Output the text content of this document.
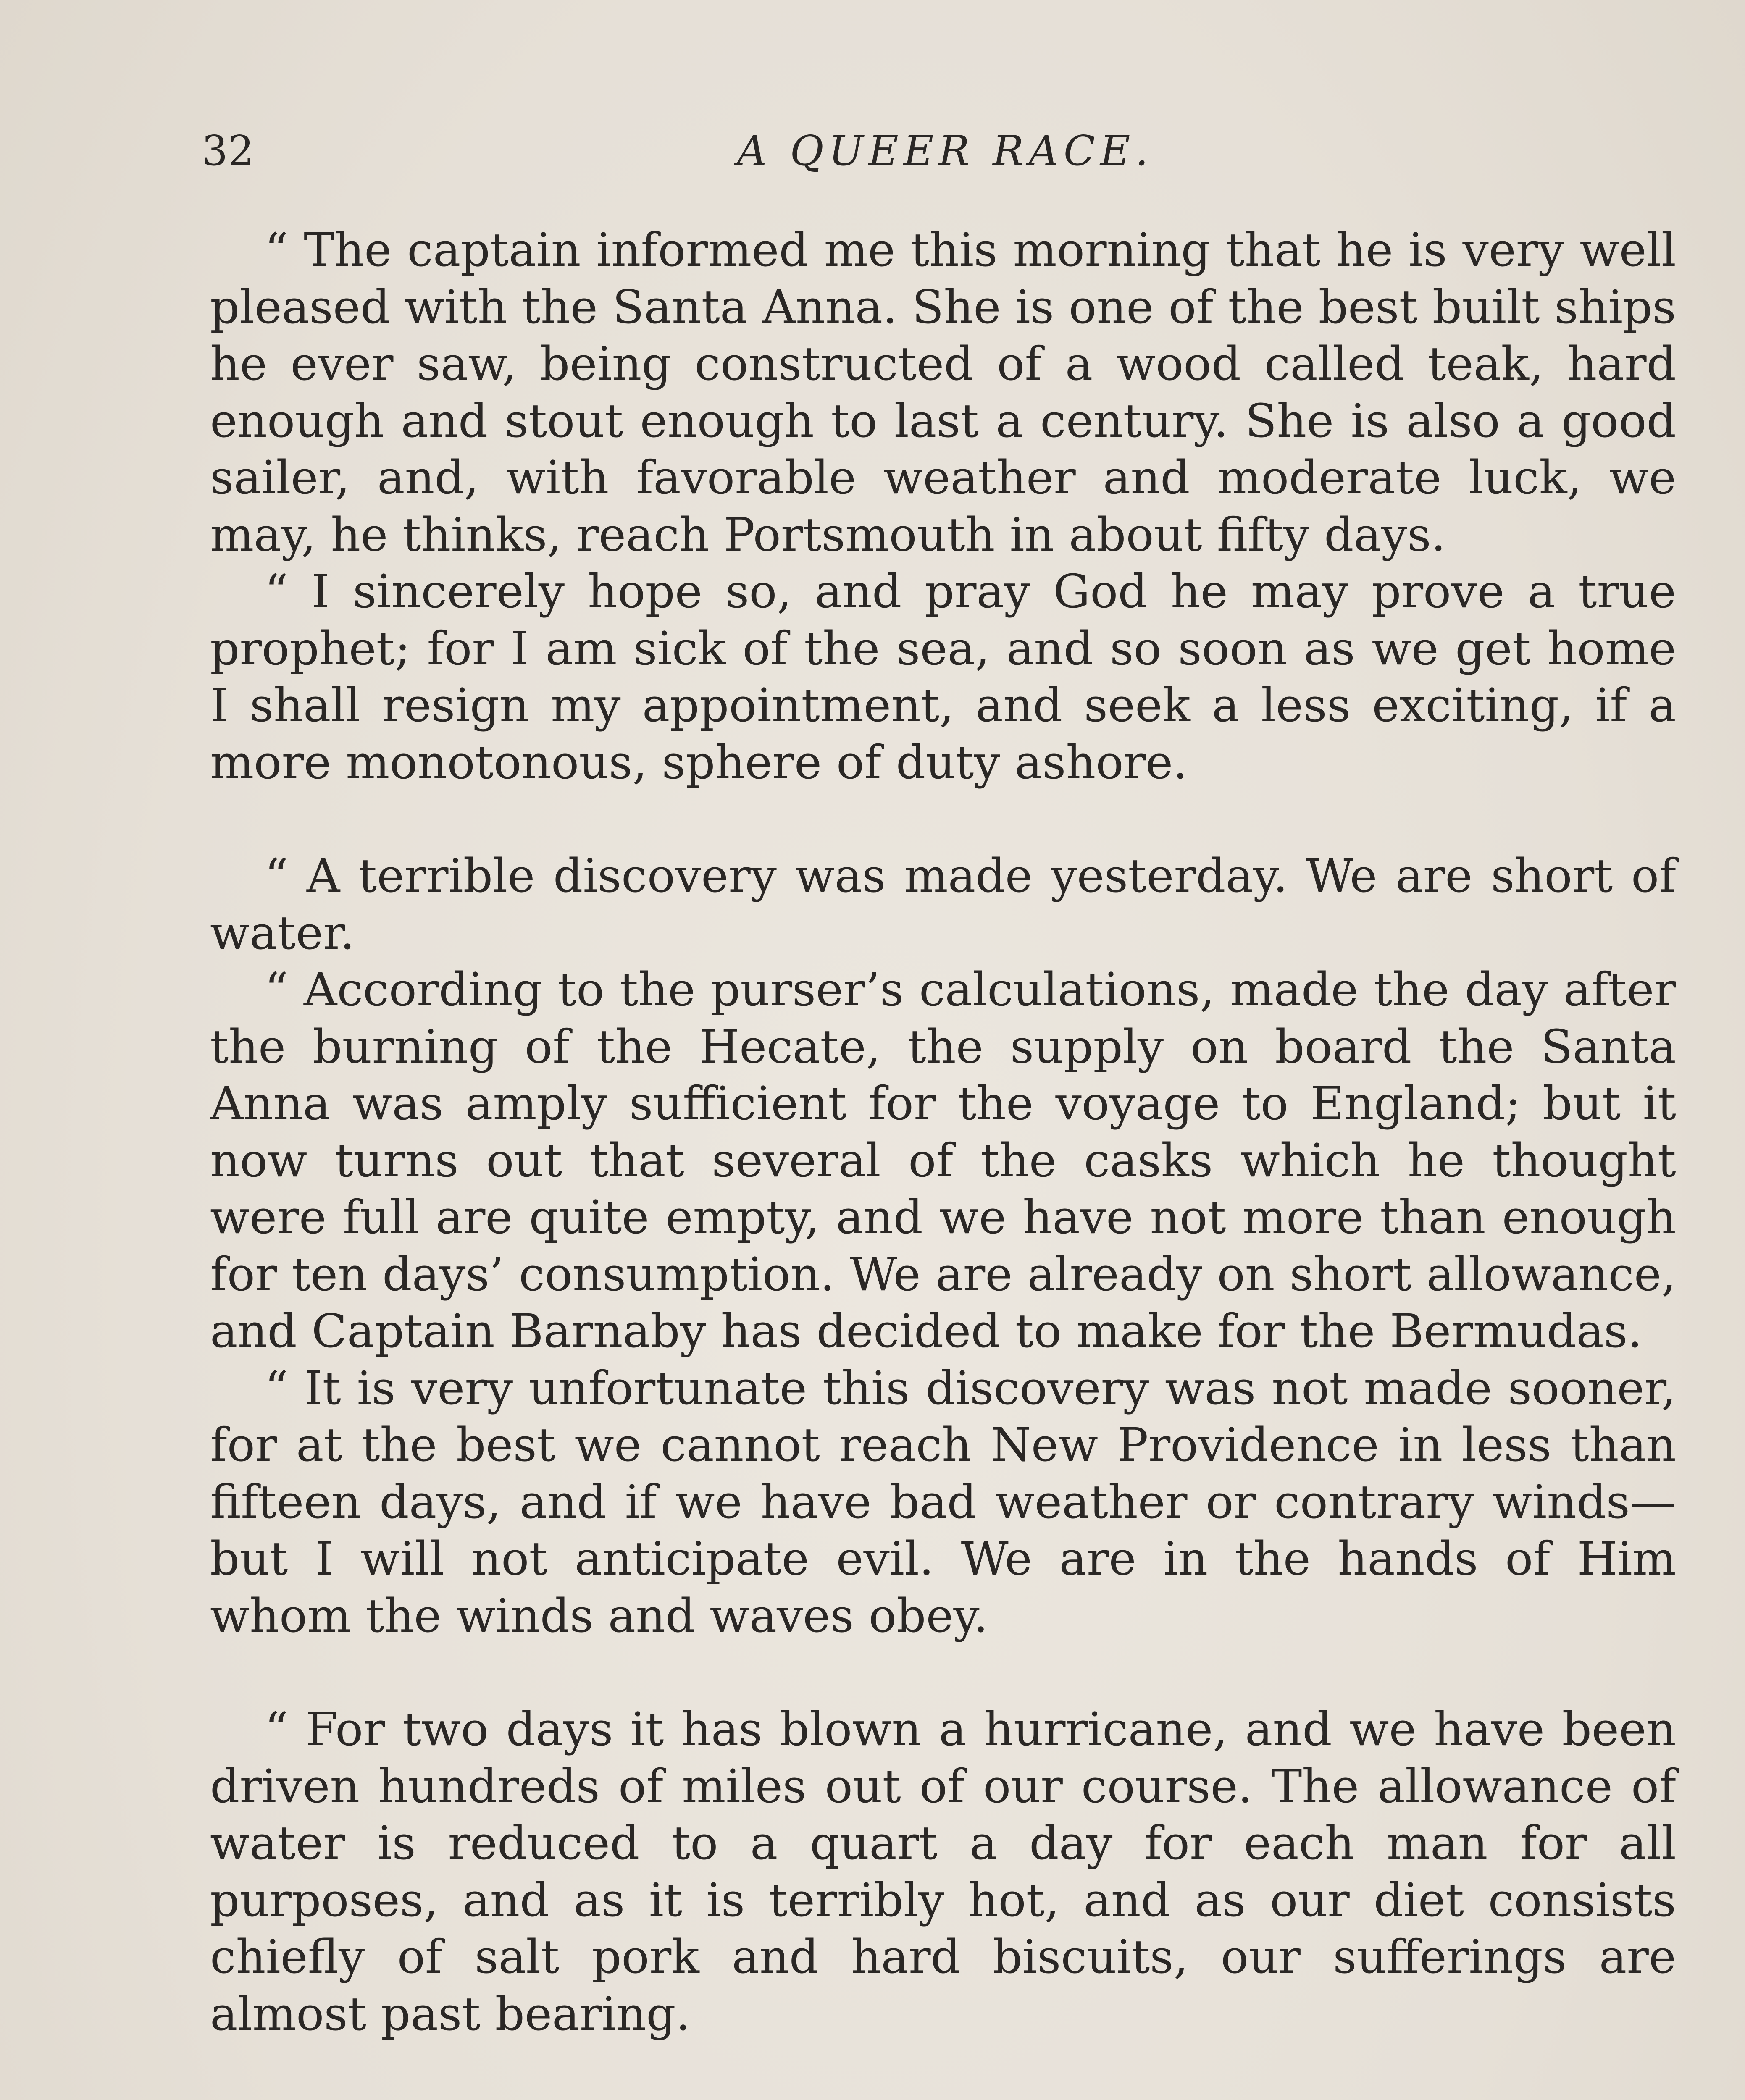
32	A QUEER RACE.

“ The captain informed me this morning that he is very well pleased with the Santa Anna. She is one of the best built ships he ever saw, being constructed of a wood called teak, hard enough and stout enough to last a century. She is also a good sailer, and, with favorable weather and moderate luck, we may, he thinks, reach Portsmouth in about fifty days.

“ I sincerely hope so, and pray God he may prove a true prophet; for I am sick of the sea, and so soon as we get home I shall resign my appointment, and seek a less exciting, if a more monotonous, sphere of duty ashore.

“ A terrible discovery was made yesterday. We are short of water.

“ According to the purser’s calculations, made the day after the burning of the Hecate, the supply on board the Santa Anna was amply sufficient for the voyage to England; but it now turns out that several of the casks which he thought were full are quite empty, and we have not more than enough for ten days’ consumption. We are already on short allowance, and Captain Barnaby has decided to make for the Bermudas.

“ It is very unfortunate this discovery was not made sooner, for at the best we cannot reach New Providence in less than fifteen days, and if we have bad weather or contrary winds—but I will not anticipate evil. We are in the hands of Him whom the winds and waves obey.

“ For two days it has blown a hurricane, and we have been driven hundreds of miles out of our course. The allowance of water is reduced to a quart a day for each man for all purposes, and as it is terribly hot, and as our diet consists chiefly of salt pork and hard biscuits, our sufferings are almost past bearing.
